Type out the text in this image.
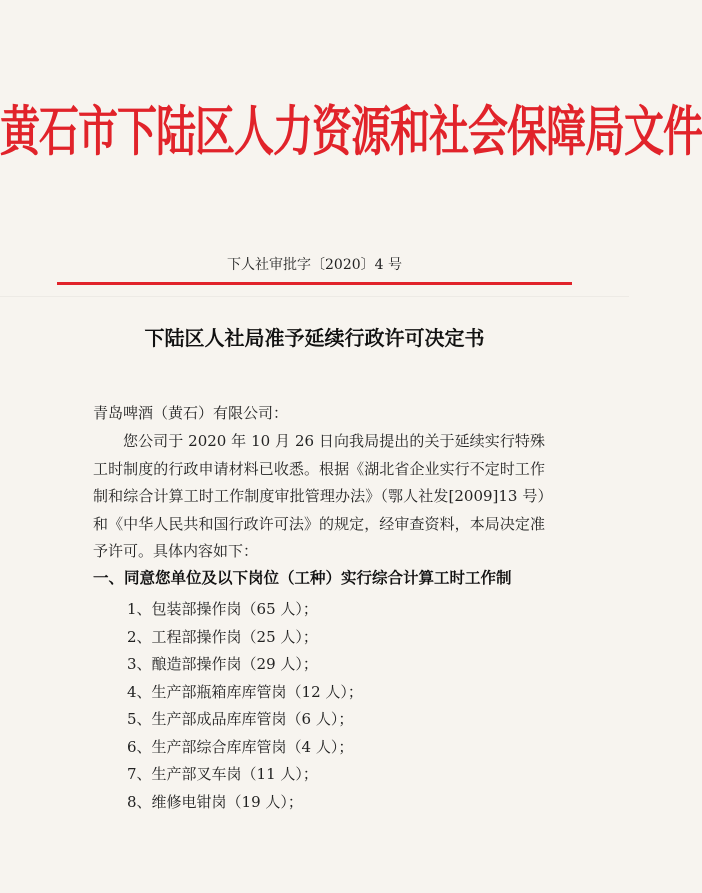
黄石市下陆区人力资源和社会保障局文件
下人社审批字〔2020〕4 号
下陆区人社局准予延续行政许可决定书
青岛啤酒（黄石）有限公司：
您公司于 2020 年 10 月 26 日向我局提出的关于延续实行特殊工时制度的行政申请材料已收悉。根据《湖北省企业实行不定时工作制和综合计算工时工作制度审批管理办法》（鄂人社发[2009]13 号）和《中华人民共和国行政许可法》的规定，经审查资料，本局决定准予许可。具体内容如下：
一、同意您单位及以下岗位（工种）实行综合计算工时工作制
1、包装部操作岗（65 人）；
2、工程部操作岗（25 人）；
3、酿造部操作岗（29 人）；
4、生产部瓶箱库库管岗（12 人）；
5、生产部成品库库管岗（6 人）；
6、生产部综合库库管岗（4 人）；
7、生产部叉车岗（11 人）；
8、维修电钳岗（19 人）；
